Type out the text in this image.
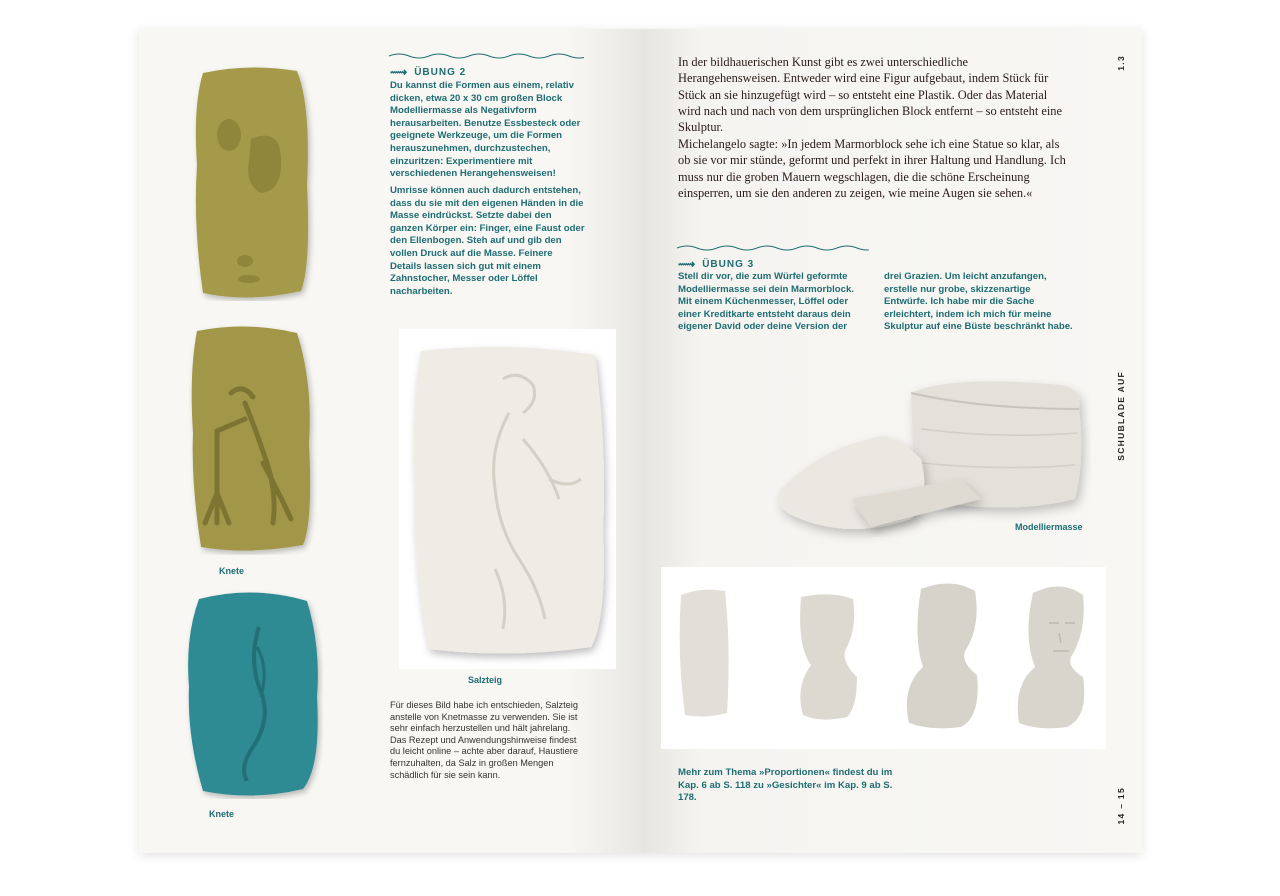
Knete
Knete
⟿ ÜBUNG 2
Du kannst die Formen aus einem, relativ dicken, etwa 20 x 30 cm großen Block Modelliermasse als Negativform herausarbeiten. Benutze Essbesteck oder geeignete Werkzeuge, um die Formen herauszunehmen, durchzustechen, einzuritzen: Experimentiere mit verschiedenen Herangehensweisen!
Umrisse können auch dadurch entstehen, dass du sie mit den eigenen Händen in die Masse eindrückst. Setzte dabei den ganzen Körper ein: Finger, eine Faust oder den Ellenbogen. Steh auf und gib den vollen Druck auf die Masse. Feinere Details lassen sich gut mit einem Zahnstocher, Messer oder Löffel nacharbeiten.
Salzteig
Für dieses Bild habe ich entschieden, Salzteig anstelle von Knetmasse zu verwenden. Sie ist sehr einfach herzustellen und hält jahrelang. Das Rezept und Anwendungshinweise findest du leicht online – achte aber darauf, Haustiere fernzuhalten, da Salz in großen Mengen schädlich für sie sein kann.
In der bildhauerischen Kunst gibt es zwei unterschiedliche Herangehensweisen. Entweder wird eine Figur aufgebaut, indem Stück für Stück an sie hinzugefügt wird – so entsteht eine Plastik. Oder das Material wird nach und nach von dem ursprünglichen Block entfernt – so entsteht eine Skulptur.
Michelangelo sagte: »In jedem Marmorblock sehe ich eine Statue so klar, als ob sie vor mir stünde, geformt und perfekt in ihrer Haltung und Handlung. Ich muss nur die groben Mauern wegschlagen, die die schöne Erscheinung einsperren, um sie den anderen zu zeigen, wie meine Augen sie sehen.«
⟿ ÜBUNG 3
Stell dir vor, die zum Würfel geformte Modelliermasse sei dein Marmorblock. Mit einem Küchenmesser, Löffel oder einer Kreditkarte entsteht daraus dein eigener David oder deine Version der
drei Grazien. Um leicht anzufangen, erstelle nur grobe, skizzenartige Entwürfe. Ich habe mir die Sache erleichtert, indem ich mich für meine Skulptur auf eine Büste beschränkt habe.
Modelliermasse
Mehr zum Thema »Proportionen« findest du im Kap. 6 ab S. 118 zu »Gesichter« im Kap. 9 ab S. 178.
1.3
SCHUBLADE AUF
14 – 15
